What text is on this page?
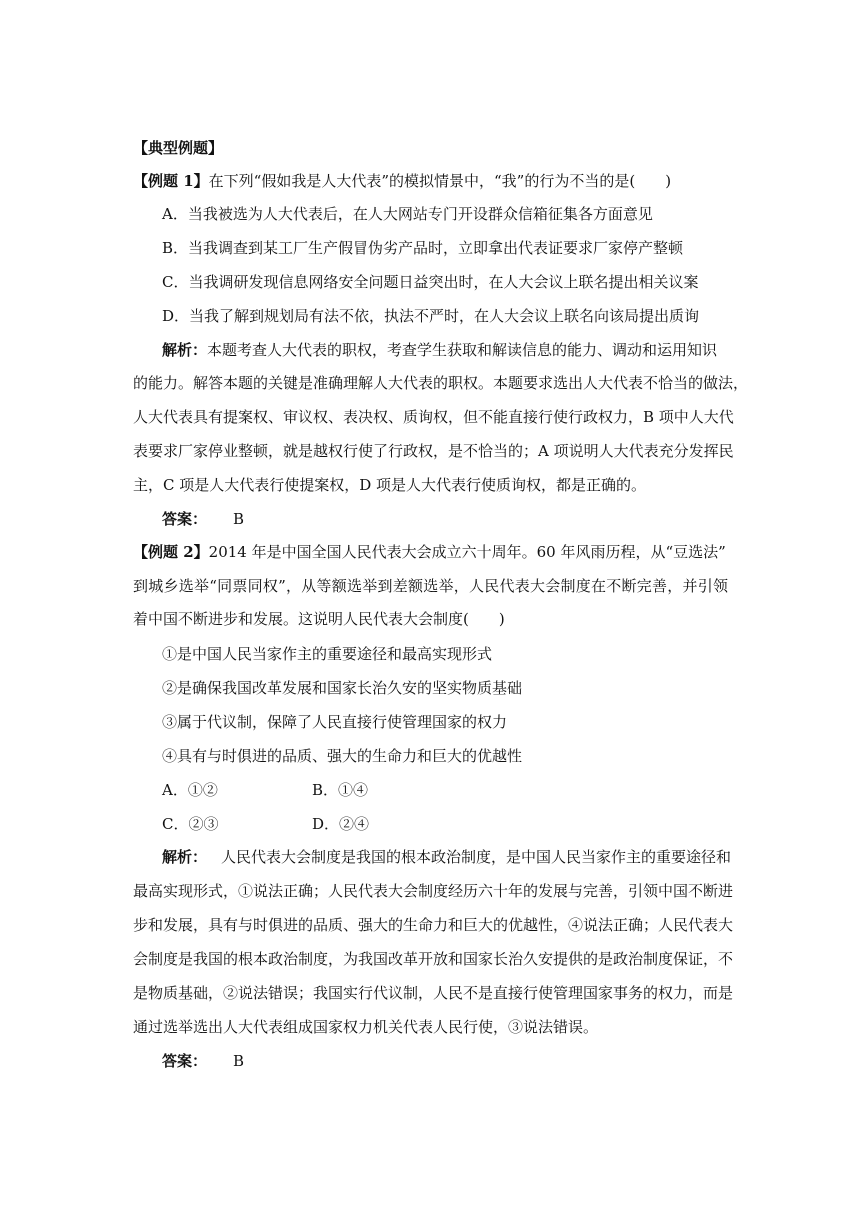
【典型例题】
【例题 1】在下列“假如我是人大代表”的模拟情景中，“我”的行为不当的是(　　)
A．当我被选为人大代表后，在人大网站专门开设群众信箱征集各方面意见
B．当我调查到某工厂生产假冒伪劣产品时，立即拿出代表证要求厂家停产整顿
C．当我调研发现信息网络安全问题日益突出时，在人大会议上联名提出相关议案
D．当我了解到规划局有法不依，执法不严时，在人大会议上联名向该局提出质询
解析：本题考查人大代表的职权，考查学生获取和解读信息的能力、调动和运用知识
的能力。解答本题的关键是准确理解人大代表的职权。本题要求选出人大代表不恰当的做法，
人大代表具有提案权、审议权、表决权、质询权，但不能直接行使行政权力，B 项中人大代
表要求厂家停业整顿，就是越权行使了行政权，是不恰当的；A 项说明人大代表充分发挥民
主，C 项是人大代表行使提案权，D 项是人大代表行使质询权，都是正确的。
答案： B
【例题 2】2014 年是中国全国人民代表大会成立六十周年。60 年风雨历程，从“豆选法”
到城乡选举“同票同权”，从等额选举到差额选举，人民代表大会制度在不断完善，并引领
着中国不断进步和发展。这说明人民代表大会制度(　　)
①是中国人民当家作主的重要途径和最高实现形式
②是确保我国改革发展和国家长治久安的坚实物质基础
③属于代议制，保障了人民直接行使管理国家的权力
④具有与时俱进的品质、强大的生命力和巨大的优越性
A．①②	B．①④
C．②③	D．②④
解析： 人民代表大会制度是我国的根本政治制度，是中国人民当家作主的重要途径和
最高实现形式，①说法正确；人民代表大会制度经历六十年的发展与完善，引领中国不断进
步和发展，具有与时俱进的品质、强大的生命力和巨大的优越性，④说法正确；人民代表大
会制度是我国的根本政治制度，为我国改革开放和国家长治久安提供的是政治制度保证，不
是物质基础，②说法错误；我国实行代议制，人民不是直接行使管理国家事务的权力，而是
通过选举选出人大代表组成国家权力机关代表人民行使，③说法错误。
答案： B
